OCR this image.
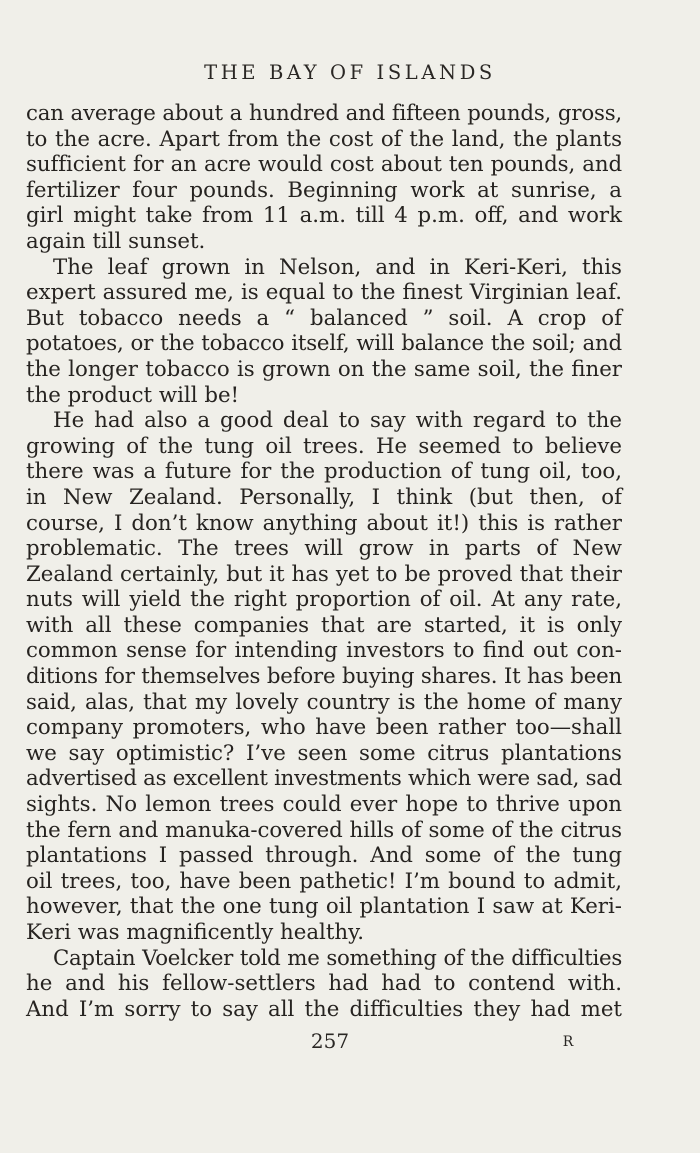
THE BAY OF ISLANDS
can average about a hundred and fifteen pounds, gross,
to the acre. Apart from the cost of the land, the plants
sufficient for an acre would cost about ten pounds, and
fertilizer four pounds. Beginning work at sunrise, a
girl might take from 11 a.m. till 4 p.m. off, and work
again till sunset.
The leaf grown in Nelson, and in Keri-Keri, this
expert assured me, is equal to the finest Virginian leaf.
But tobacco needs a “ balanced ” soil. A crop of
potatoes, or the tobacco itself, will balance the soil; and
the longer tobacco is grown on the same soil, the finer
the product will be!
He had also a good deal to say with regard to the
growing of the tung oil trees. He seemed to believe
there was a future for the production of tung oil, too,
in New Zealand. Personally, I think (but then, of
course, I don’t know anything about it!) this is rather
problematic. The trees will grow in parts of New
Zealand certainly, but it has yet to be proved that their
nuts will yield the right proportion of oil. At any rate,
with all these companies that are started, it is only
common sense for intending investors to find out con-
ditions for themselves before buying shares. It has been
said, alas, that my lovely country is the home of many
company promoters, who have been rather too—shall
we say optimistic? I’ve seen some citrus plantations
advertised as excellent investments which were sad, sad
sights. No lemon trees could ever hope to thrive upon
the fern and manuka-covered hills of some of the citrus
plantations I passed through. And some of the tung
oil trees, too, have been pathetic! I’m bound to admit,
however, that the one tung oil plantation I saw at Keri-
Keri was magnificently healthy.
Captain Voelcker told me something of the difficulties
he and his fellow-settlers had had to contend with.
And I’m sorry to say all the difficulties they had met
257	R
